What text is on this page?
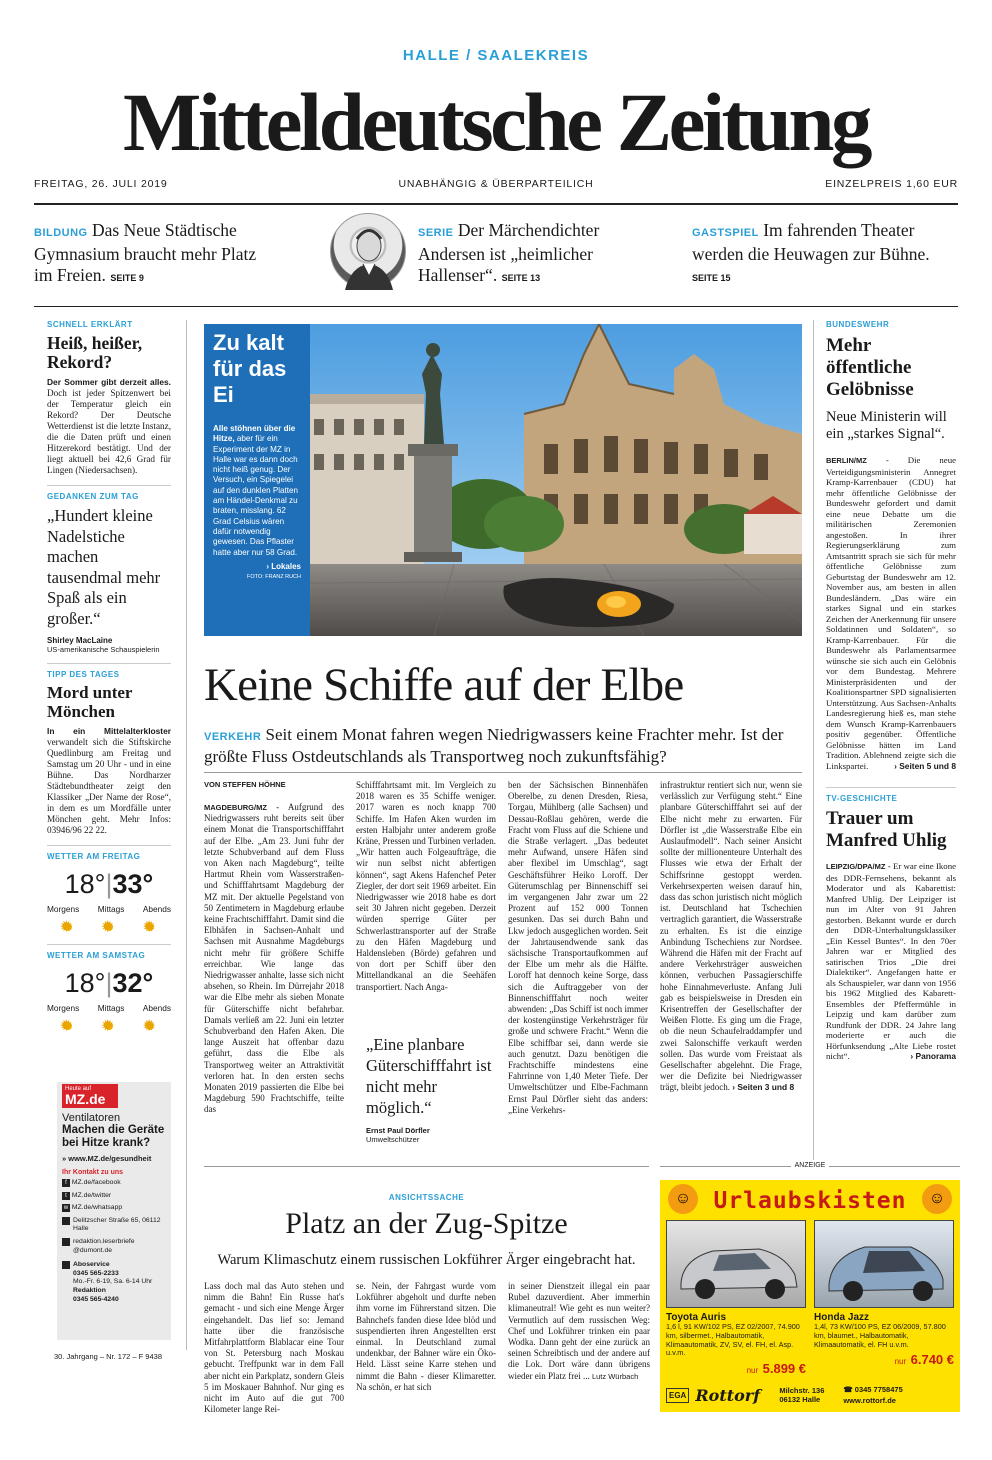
HALLE / SAALEKREIS
Mitteldeutsche Zeitung
FREITAG, 26. JULI 2019	UNABHÄNGIG & ÜBERPARTEILICH	EINZELPREIS 1,60 EUR
BILDUNG Das Neue Städtische Gymnasium braucht mehr Platz im Freien. SEITE 9
SERIE Der Märchendichter Andersen ist „heimlicher Hallenser“. SEITE 13
GASTSPIEL Im fahrenden Theater werden die Heuwagen zur Bühne. SEITE 15
SCHNELL ERKLÄRT
Heiß, heißer, Rekord?
Der Sommer gibt derzeit alles. Doch ist jeder Spitzenwert bei der Temperatur gleich ein Rekord? Der Deutsche Wetterdienst ist die letzte Instanz, die die Daten prüft und einen Hitzerekord bestätigt. Und der liegt aktuell bei 42,6 Grad für Lingen (Niedersachsen).
GEDANKEN ZUM TAG
„Hundert kleine Nadelstiche machen tausendmal mehr Spaß als ein großer.“
Shirley MacLaine
US-amerikanische Schauspielerin
TIPP DES TAGES
Mord unter Mönchen
In ein Mittelalterkloster verwandelt sich die Stiftskirche Quedlinburg am Freitag und Samstag um 20 Uhr - und in eine Bühne. Das Nordharzer Städtebundtheater zeigt den Klassiker „Der Name der Rose“, in dem es um Mordfälle unter Mönchen geht. Mehr Infos: 03946/96 22 22.
WETTER AM FREITAG
18°|33°
Morgens Mittags Abends
✹
✹
✹
WETTER AM SAMSTAG
18°|32°
Morgens Mittags Abends
✹
✹
✹
Heute auf
MZ.de
Ventilatoren
Machen die Geräte bei Hitze krank?
» www.MZ.de/gesundheit
Ihr Kontakt zu uns
f MZ.de/facebook
t MZ.de/twitter
w MZ.de/whatsapp
Delitzscher Straße 65, 06112 Halle
redaktion.leserbriefe @dumont.de
Aboservice
0345 565-2233
Mo.-Fr. 6-19, Sa. 6-14 Uhr
Redaktion
0345 565-4240
30. Jahrgang – Nr. 172 – F 9438
Zu kalt für das Ei
Alle stöhnen über die Hitze, aber für ein Experiment der MZ in Halle war es dann doch nicht heiß genug. Der Versuch, ein Spiegelei auf den dunklen Platten am Händel-Denkmal zu braten, misslang. 62 Grad Celsius wären dafür notwendig gewesen. Das Pflaster hatte aber nur 58 Grad.
› Lokales
FOTO: FRANZ RUCH
Keine Schiffe auf der Elbe
VERKEHR Seit einem Monat fahren wegen Niedrigwassers keine Frachter mehr. Ist der größte Fluss Ostdeutschlands als Transportweg noch zukunftsfähig?
VON STEFFEN HÖHNE
MAGDEBURG/MZ - Aufgrund des Niedrigwassers ruht bereits seit über einem Monat die Transportschifffahrt auf der Elbe. „Am 23. Juni fuhr der letzte Schubverband auf dem Fluss von Aken nach Magdeburg“, teilte Hartmut Rhein vom Wasserstraßen- und Schifffahrtsamt Magdeburg der MZ mit. Der aktuelle Pegelstand von 50 Zentimetern in Magdeburg erlaube keine Frachtschifffahrt. Damit sind die Elbhäfen in Sachsen-Anhalt und Sachsen mit Ausnahme Magdeburgs nicht mehr für größere Schiffe erreichbar. Wie lange das Niedrigwasser anhalte, lasse sich nicht absehen, so Rhein. Im Dürrejahr 2018 war die Elbe mehr als sieben Monate für Güterschiffe nicht befahrbar. Damals verließ am 22. Juni ein letzter Schubverband den Hafen Aken. Die lange Auszeit hat offenbar dazu geführt, dass die Elbe als Transportweg weiter an Attraktivität verloren hat. In den ersten sechs Monaten 2019 passierten die Elbe bei Magdeburg 590 Frachtschiffe, teilte das
Schifffahrtsamt mit. Im Vergleich zu 2018 waren es 35 Schiffe weniger. 2017 waren es noch knapp 700 Schiffe. Im Hafen Aken wurden im ersten Halbjahr unter anderem große Kräne, Pressen und Turbinen verladen. „Wir hatten auch Folgeaufträge, die wir nun selbst nicht abfertigen können“, sagt Akens Hafenchef Peter Ziegler, der dort seit 1969 arbeitet. Ein Niedrigwasser wie 2018 habe es dort seit 30 Jahren nicht gegeben. Derzeit würden sperrige Güter per Schwerlasttransporter auf der Straße zu den Häfen Magdeburg und Haldensleben (Börde) gefahren und von dort per Schiff über den Mittellandkanal an die Seehäfen transportiert. Nach Anga-
„Eine planbare Güterschifffahrt ist nicht mehr möglich.“
Ernst Paul Dörfler
Umweltschützer
ben der Sächsischen Binnenhäfen Oberelbe, zu denen Dresden, Riesa, Torgau, Mühlberg (alle Sachsen) und Dessau-Roßlau gehören, werde die Fracht vom Fluss auf die Schiene und die Straße verlagert. „Das bedeutet mehr Aufwand, unsere Häfen sind aber flexibel im Umschlag“, sagt Geschäftsführer Heiko Loroff. Der Güterumschlag per Binnenschiff sei im vergangenen Jahr zwar um 22 Prozent auf 152 000 Tonnen gesunken. Das sei durch Bahn und Lkw jedoch ausgeglichen worden. Seit der Jahrtausendwende sank das sächsische Transportaufkommen auf der Elbe um mehr als die Hälfte. Loroff hat dennoch keine Sorge, dass sich die Auftraggeber von der Binnenschifffahrt noch weiter abwenden: „Das Schiff ist noch immer der kostengünstige Verkehrsträger für große und schwere Fracht.“ Wenn die Elbe schiffbar sei, dann werde sie auch genutzt. Dazu benötigen die Frachtschiffe mindestens eine Fahrrinne von 1,40 Meter Tiefe. Der Umweltschützer und Elbe-Fachmann Ernst Paul Dörfler sieht das anders: „Eine Verkehrs-
infrastruktur rentiert sich nur, wenn sie verlässlich zur Verfügung steht.“ Eine planbare Güterschifffahrt sei auf der Elbe nicht mehr zu erwarten. Für Dörfler ist „die Wasserstraße Elbe ein Auslaufmodell“. Nach seiner Ansicht sollte der millionenteure Unterhalt des Flusses wie etwa der Erhalt der Schiffsrinne gestoppt werden. Verkehrsexperten weisen darauf hin, dass das schon juristisch nicht möglich ist. Deutschland hat Tschechien vertraglich garantiert, die Wasserstraße zu erhalten. Es ist die einzige Anbindung Tschechiens zur Nordsee. Während die Häfen mit der Fracht auf andere Verkehrsträger ausweichen können, verbuchen Passagierschiffe hohe Einnahmeverluste. Anfang Juli gab es beispielsweise in Dresden ein Krisentreffen der Gesellschafter der Weißen Flotte. Es ging um die Frage, ob die neun Schaufelraddampfer und zwei Salonschiffe verkauft werden sollen. Das wurde vom Freistaat als Gesellschafter abgelehnt. Die Frage, wer die Defizite bei Niedrigwasser trägt, bleibt jedoch. › Seiten 3 und 8
BUNDESWEHR
Mehr öffentliche Gelöbnisse
Neue Ministerin will ein „starkes Signal“.
BERLIN/MZ - Die neue Verteidigungsministerin Annegret Kramp-Karrenbauer (CDU) hat mehr öffentliche Gelöbnisse der Bundeswehr gefordert und damit eine neue Debatte um die militärischen Zeremonien angestoßen. In ihrer Regierungserklärung zum Amtsantritt sprach sie sich für mehr öffentliche Gelöbnisse zum Geburtstag der Bundeswehr am 12. November aus, am besten in allen Bundesländern. „Das wäre ein starkes Signal und ein starkes Zeichen der Anerkennung für unsere Soldatinnen und Soldaten“, so Kramp-Karrenbauer. Für die Bundeswehr als Parlamentsarmee wünsche sie sich auch ein Gelöbnis vor dem Bundestag. Mehrere Ministerpräsidenten und der Koalitionspartner SPD signalisierten Unterstützung. Aus Sachsen-Anhalts Landesregierung hieß es, man stehe dem Wunsch Kramp-Karrenbauers positiv gegenüber. Öffentliche Gelöbnisse hätten im Land Tradition. Ablehnend zeigte sich die Linkspartei.	› Seiten 5 und 8
TV-GESCHICHTE
Trauer um Manfred Uhlig
LEIPZIG/DPA/MZ - Er war eine Ikone des DDR-Fernsehens, bekannt als Moderator und als Kabarettist: Manfred Uhlig. Der Leipziger ist nun im Alter von 91 Jahren gestorben. Bekannt wurde er durch den DDR-Unterhaltungsklassiker „Ein Kessel Buntes“. In den 70er Jahren war er Mitglied des satirischen Trios „Die drei Dialektiker“. Angefangen hatte er als Schauspieler, war dann von 1956 bis 1962 Mitglied des Kabarett-Ensembles der Pfeffermühle in Leipzig und kam darüber zum Rundfunk der DDR. 24 Jahre lang moderierte er auch die Hörfunksendung „Alte Liebe rostet nicht“.	› Panorama
ANSICHTSSACHE
Platz an der Zug-Spitze
Warum Klimaschutz einem russischen Lokführer Ärger eingebracht hat.
Lass doch mal das Auto stehen und nimm die Bahn! Ein Russe hat's gemacht - und sich eine Menge Ärger eingehandelt. Das lief so: Jemand hatte über die französische Mitfahrplattform Blablacar eine Tour von St. Petersburg nach Moskau gebucht. Treffpunkt war in dem Fall aber nicht ein Parkplatz, sondern Gleis 5 im Moskauer Bahnhof. Nur ging es nicht im Auto auf die gut 700 Kilometer lange Rei-
se. Nein, der Fahrgast wurde vom Lokführer abgeholt und durfte neben ihm vorne im Führerstand sitzen. Die Bahnchefs fanden diese Idee blöd und suspendierten ihren Angestellten erst einmal. In Deutschland zumal undenkbar, der Bahner wäre ein Öko-Held. Lässt seine Karre stehen und nimmt die Bahn - dieser Klimaretter. Na schön, er hat sich
in seiner Dienstzeit illegal ein paar Rubel dazuverdient. Aber immerhin klimaneutral! Wie geht es nun weiter? Vermutlich auf dem russischen Weg: Chef und Lokführer trinken ein paar Wodka. Dann geht der eine zurück an seinen Schreibtisch und der andere auf die Lok. Dort wäre dann übrigens wieder ein Platz frei ... Lutz Würbach
ANZEIGE
☺ Urlaubskisten	☺
Toyota Auris
1,6 l, 91 KW/102 PS, EZ 02/2007, 74.900 km, silbermet., Halbautomatik, Klimaautomatik, ZV, SV, el. FH, el. Asp. u.v.m.
nur 5.899 €
Honda Jazz
1,4l, 73 KW/100 PS, EZ 06/2009, 57.800 km, blaumet., Halbautomatik, Klimaautomatik, el. FH u.v.m.
nur 6.740 €
EGA Rottorf	Milchstr. 136 06132 Halle
☎ 0345 7758475
www.rottorf.de
